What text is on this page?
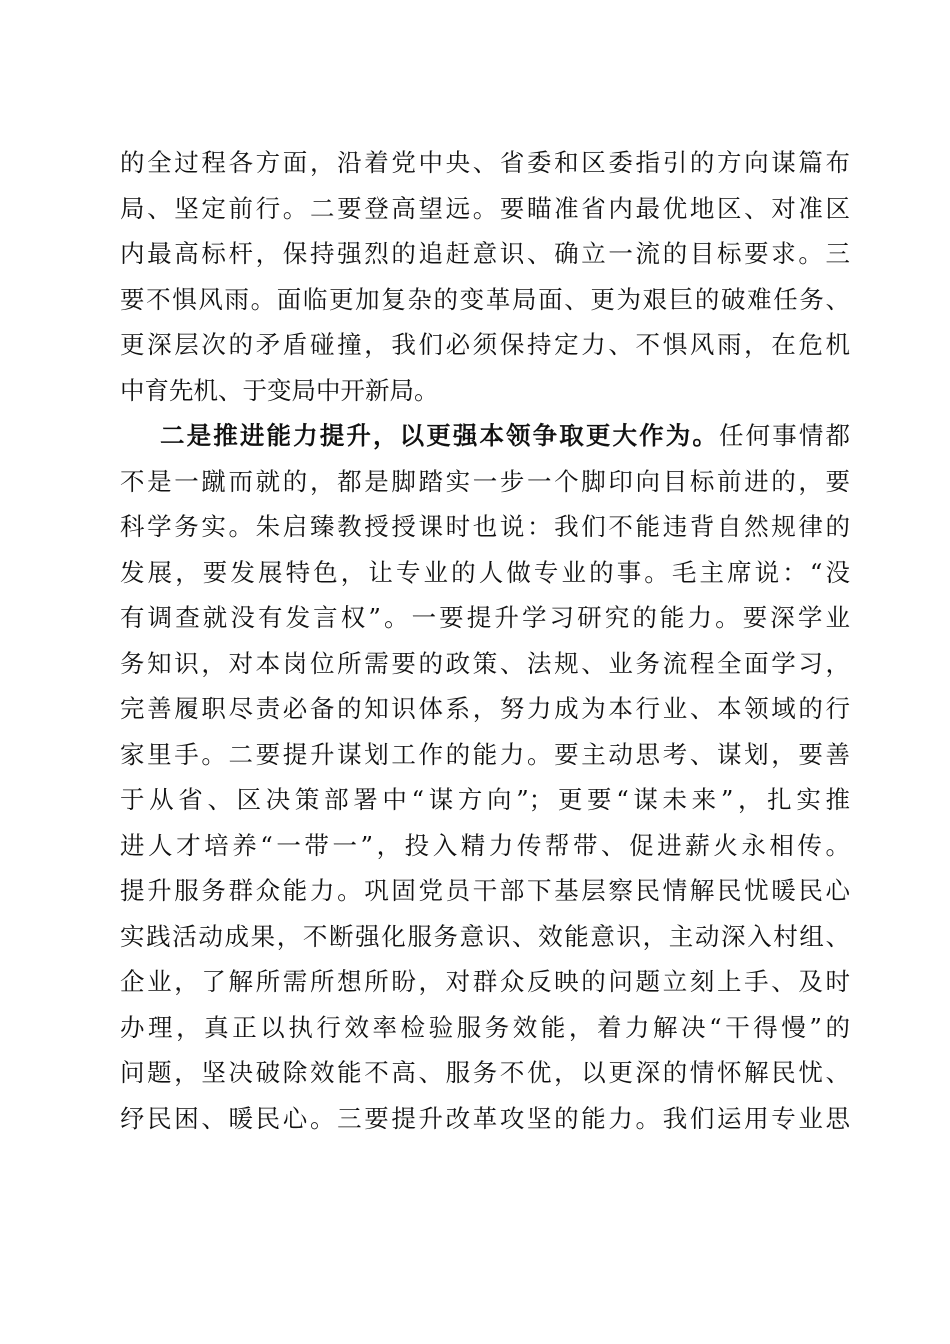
的全过程各方面，沿着党中央、省委和区委指引的方向谋篇布
局、坚定前行。二要登高望远。要瞄准省内最优地区、对准区
内最高标杆，保持强烈的追赶意识、确立一流的目标要求。三
要不惧风雨。面临更加复杂的变革局面、更为艰巨的破难任务、
更深层次的矛盾碰撞，我们必须保持定力、不惧风雨，在危机
中育先机、于变局中开新局。
二是推进能力提升，以更强本领争取更大作为。任何事情都
不是一蹴而就的，都是脚踏实一步一个脚印向目标前进的，要
科学务实。朱启臻教授授课时也说：我们不能违背自然规律的
发展，要发展特色，让专业的人做专业的事。毛主席说：“没
有调查就没有发言权”。一要提升学习研究的能力。要深学业
务知识，对本岗位所需要的政策、法规、业务流程全面学习，
完善履职尽责必备的知识体系，努力成为本行业、本领域的行
家里手。二要提升谋划工作的能力。要主动思考、谋划，要善
于从省、区决策部署中“谋方向”；更要“谋未来”，扎实推
进人才培养“一带一”，投入精力传帮带、促进薪火永相传。
提升服务群众能力。巩固党员干部下基层察民情解民忧暖民心
实践活动成果，不断强化服务意识、效能意识，主动深入村组、
企业，了解所需所想所盼，对群众反映的问题立刻上手、及时
办理，真正以执行效率检验服务效能，着力解决“干得慢”的
问题，坚决破除效能不高、服务不优，以更深的情怀解民忧、
纾民困、暖民心。三要提升改革攻坚的能力。我们运用专业思
